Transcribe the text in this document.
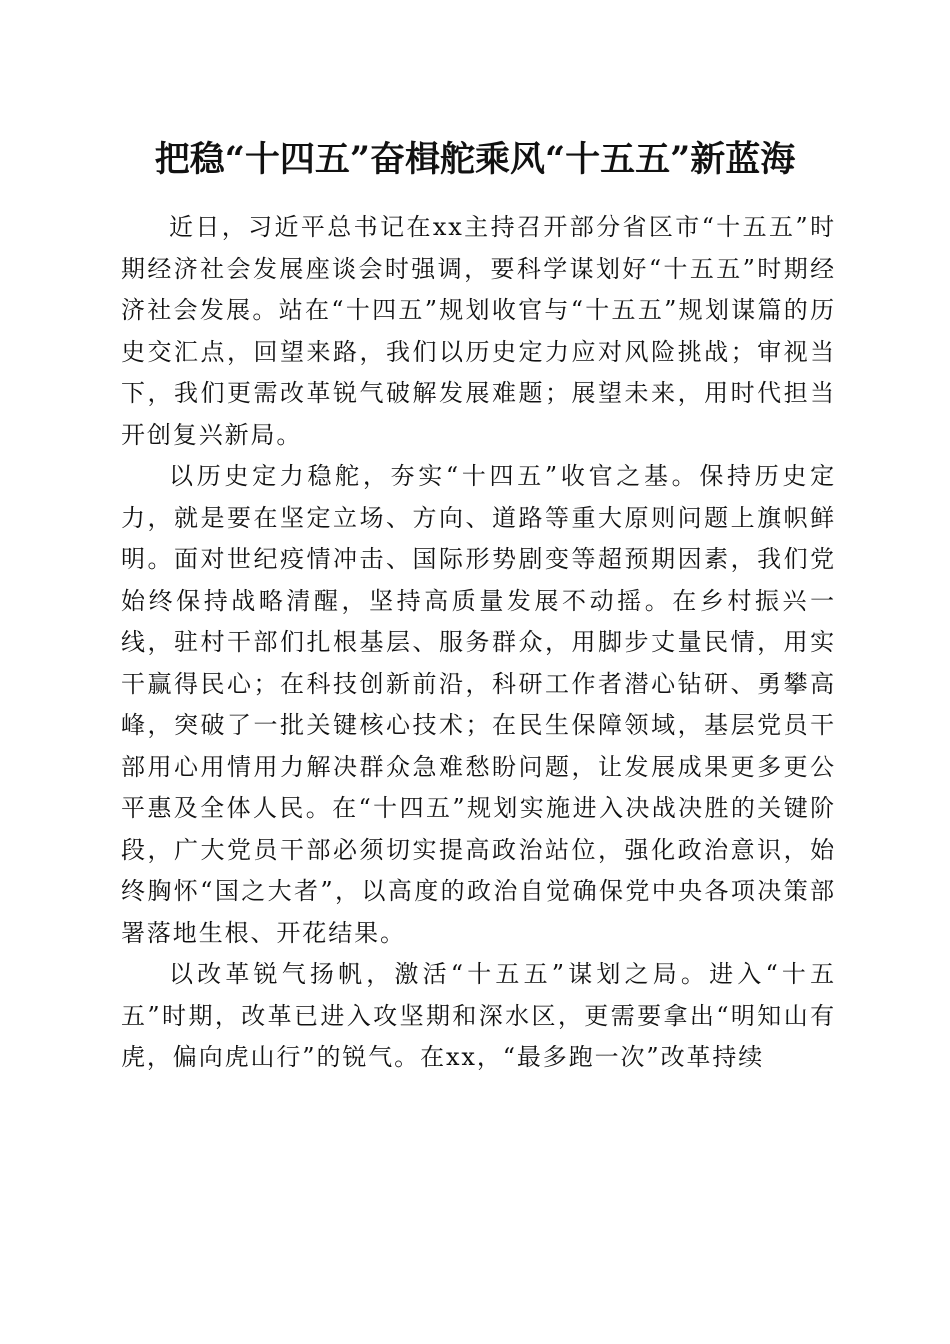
把稳“十四五”奋楫舵乘风“十五五”新蓝海

近日，习近平总书记在xx主持召开部分省区市“十五五”时期经济社会发展座谈会时强调，要科学谋划好“十五五”时期经济社会发展。站在“十四五”规划收官与“十五五”规划谋篇的历史交汇点，回望来路，我们以历史定力应对风险挑战；审视当下，我们更需改革锐气破解发展难题；展望未来，用时代担当开创复兴新局。

以历史定力稳舵，夯实“十四五”收官之基。保持历史定力，就是要在坚定立场、方向、道路等重大原则问题上旗帜鲜明。面对世纪疫情冲击、国际形势剧变等超预期因素，我们党始终保持战略清醒，坚持高质量发展不动摇。在乡村振兴一线，驻村干部们扎根基层、服务群众，用脚步丈量民情，用实干赢得民心；在科技创新前沿，科研工作者潜心钻研、勇攀高峰，突破了一批关键核心技术；在民生保障领域，基层党员干部用心用情用力解决群众急难愁盼问题，让发展成果更多更公平惠及全体人民。在“十四五”规划实施进入决战决胜的关键阶段，广大党员干部必须切实提高政治站位，强化政治意识，始终胸怀“国之大者”，以高度的政治自觉确保党中央各项决策部署落地生根、开花结果。

以改革锐气扬帆，激活“十五五”谋划之局。进入“十五五”时期，改革已进入攻坚期和深水区，更需要拿出“明知山有虎，偏向虎山行”的锐气。在xx，“最多跑一次”改革持续
